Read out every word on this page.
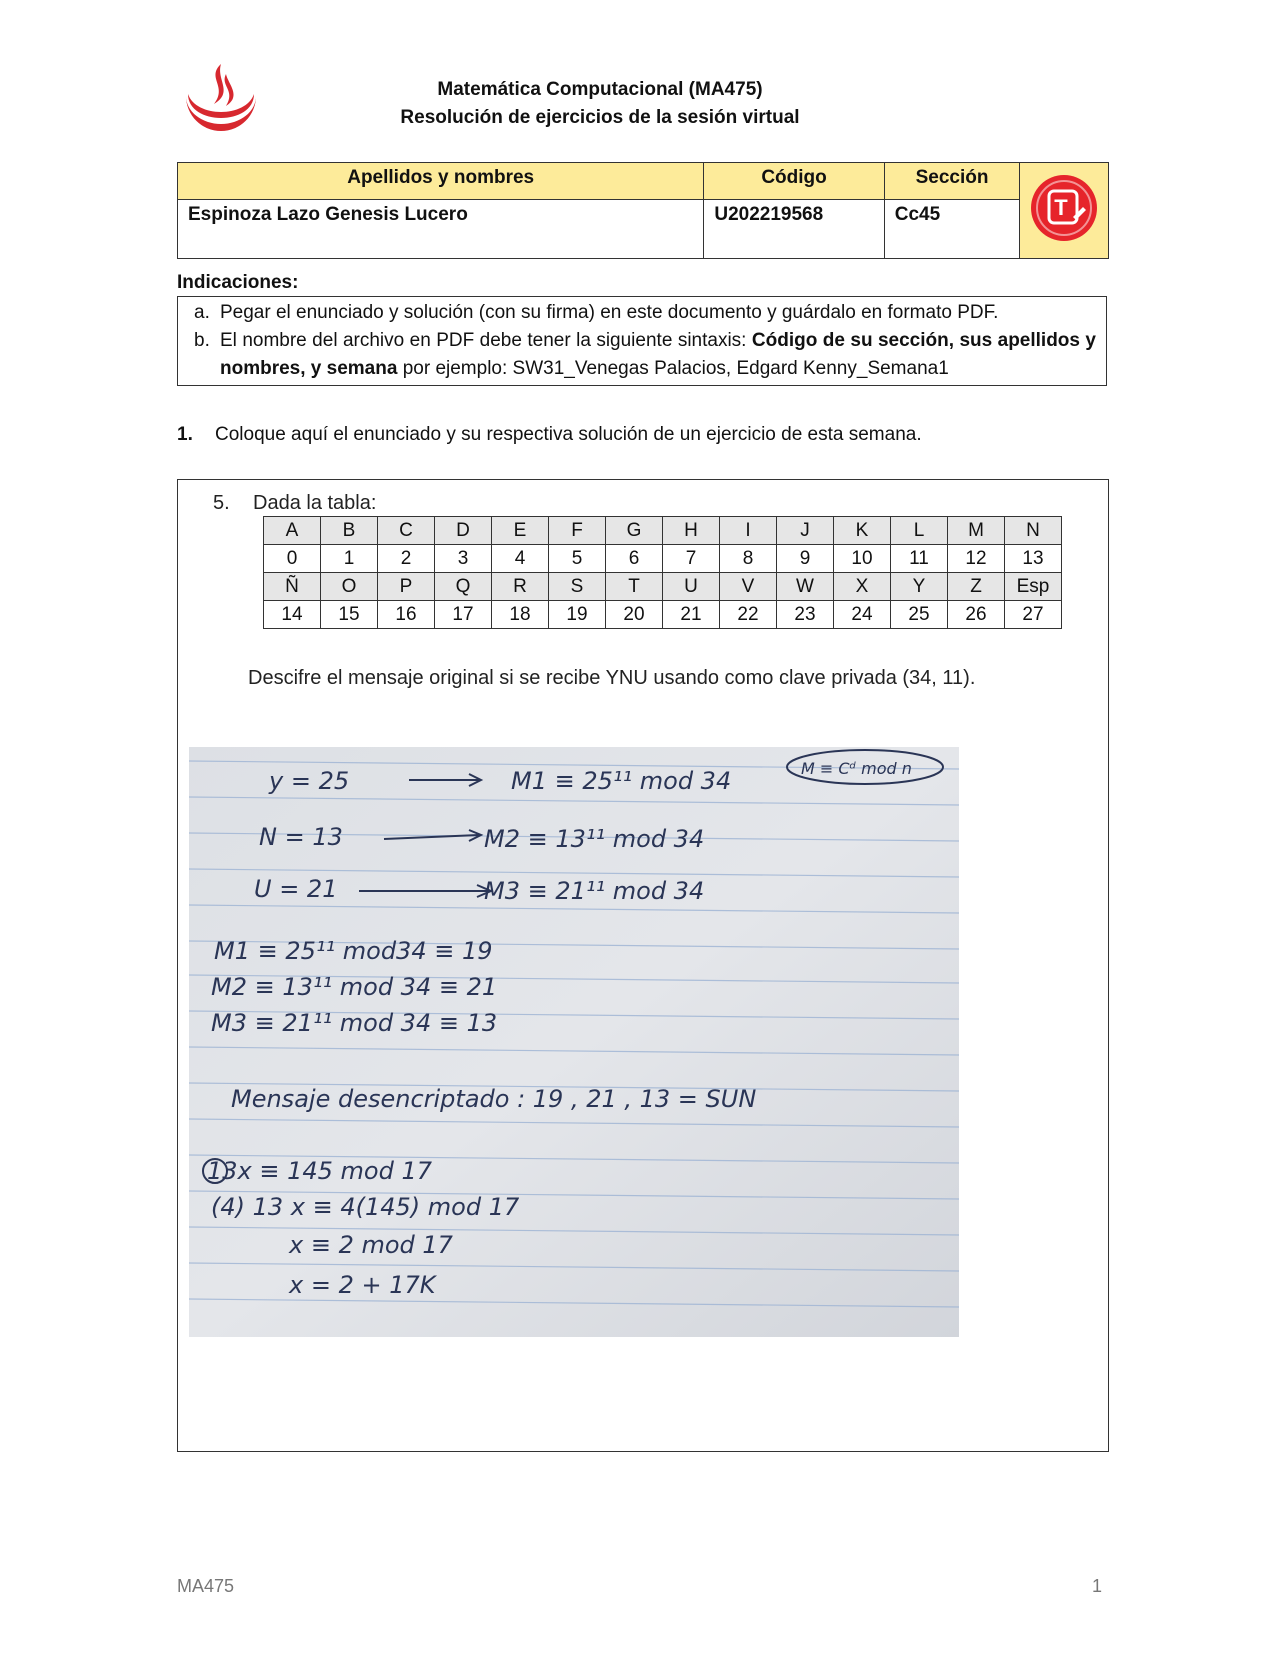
Matemática Computacional (MA475)
Resolución de ejercicios de la sesión virtual
Apellidos y nombres	Código	Sección	T

Espinoza Lazo Genesis Lucero	U202219568	Cc45	
Indicaciones:
a. Pegar el enunciado y solución (con su firma) en este documento y guárdalo en formato PDF.
b. El nombre del archivo en PDF debe tener la siguiente sintaxis: Código de su sección, sus apellidos y nombres, y semana por ejemplo: SW31_Venegas Palacios, Edgard Kenny_Semana1
1. Coloque aquí el enunciado y su respectiva solución de un ejercicio de esta semana.
5. Dada la tabla:
A	B	C	D	E	F	G	H	I	J	K	L	M	N
0	1	2	3	4	5	6	7	8	9	10	11	12	13
Ñ	O	P	Q	R	S	T	U	V	W	X	Y	Z	Esp
14	15	16	17	18	19	20	21	22	23	24	25	26	27
Descifre el mensaje original si se recibe YNU usando como clave privada (34, 11).
y = 25	M1 ≡ 25¹¹ mod 34
N = 13	M2 ≡ 13¹¹ mod 34
U = 21	M3 ≡ 21¹¹ mod 34
M1 ≡ 25¹¹ mod34 ≡ 19
M2 ≡ 13¹¹ mod 34 ≡ 21
M3 ≡ 21¹¹ mod 34 ≡ 13
Mensaje desencriptado : 19 , 21 , 13 = SUN
13x ≡ 145 mod 17
(4) 13 x ≡ 4(145) mod 17
x ≡ 2 mod 17
x = 2 + 17K
M ≡ Cᵈ mod n
MA475	1
